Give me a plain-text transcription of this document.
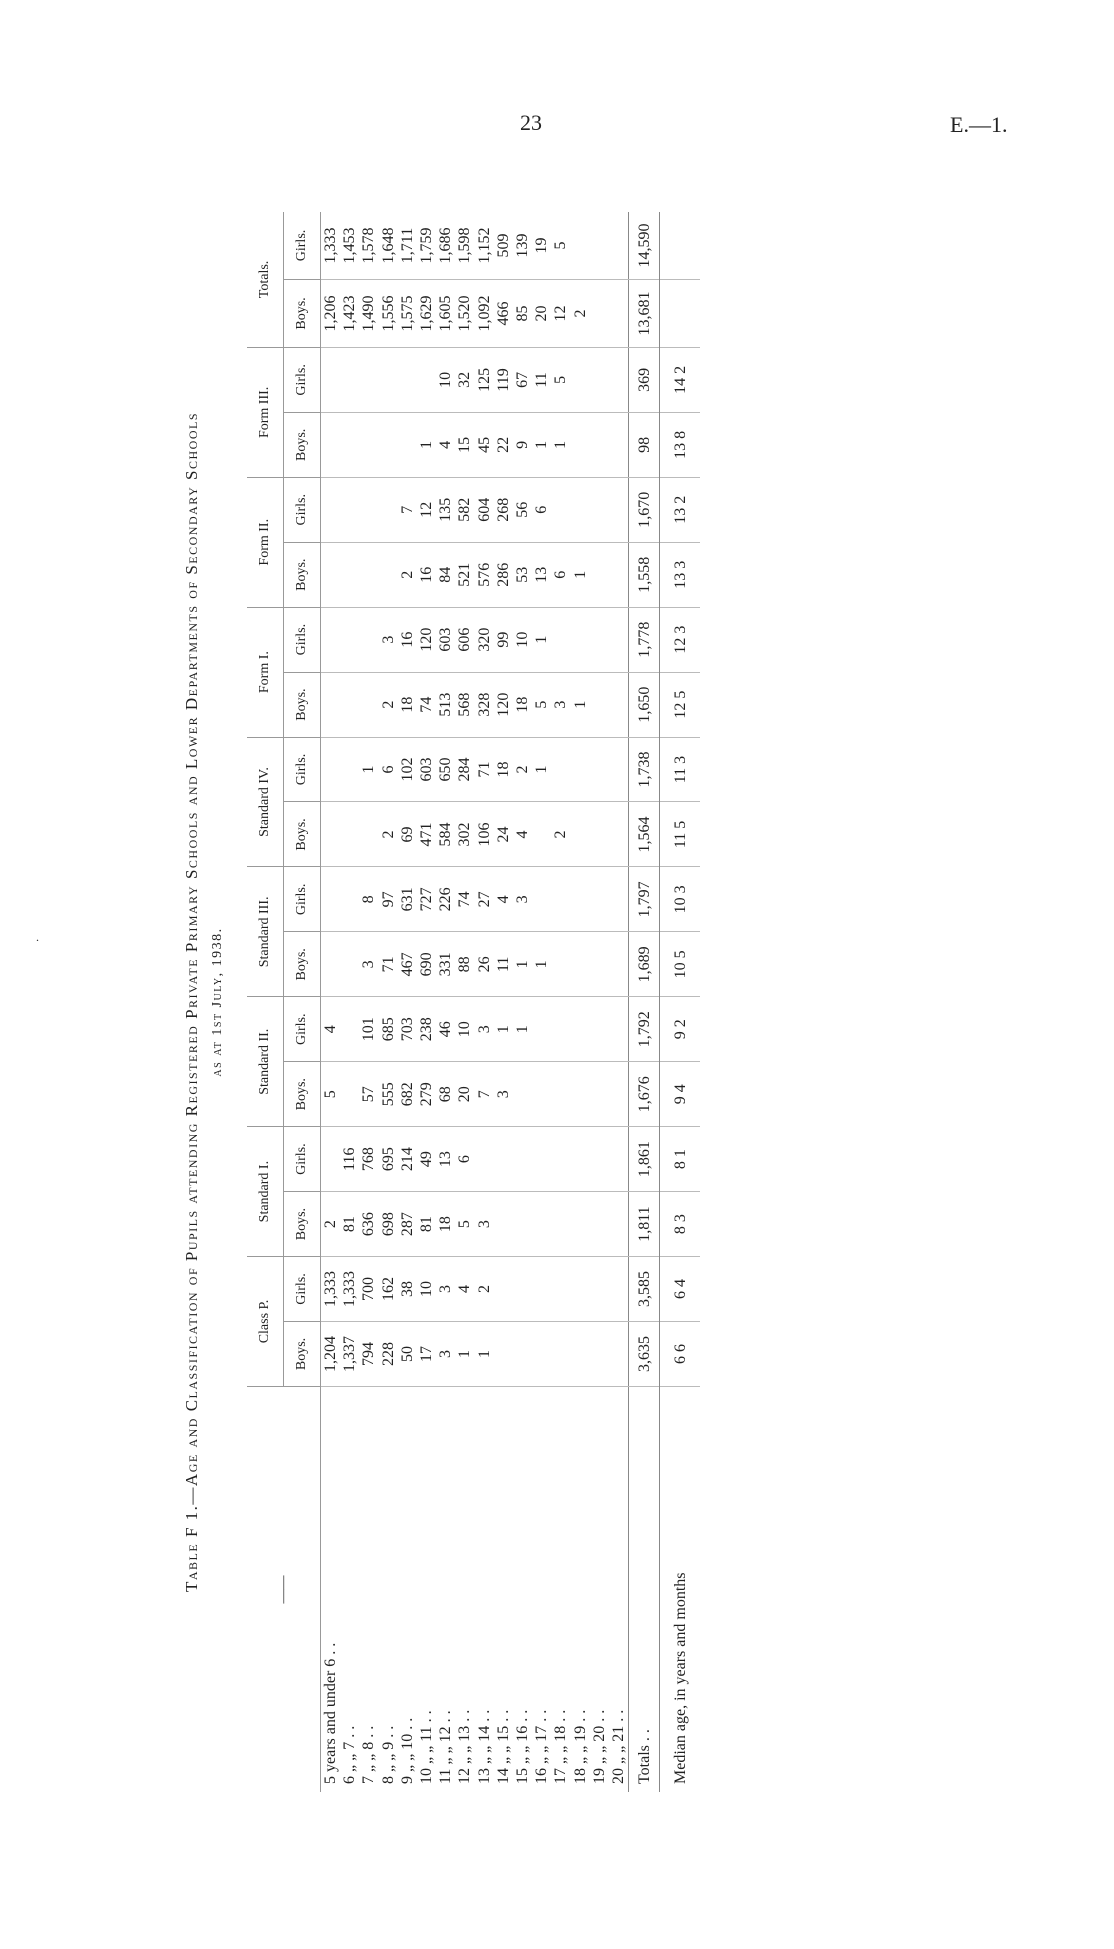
23	E.—1.
.	Table F 1.—Age and Classification of Pupils attending Registered Private Primary Schools and Lower Departments of Secondary Schools as at 1st July, 1938.
——	Class P.		Standard I.		Standard II.		Standard III.		Standard IV.		Form I.		Form II.		Form III.		Totals.	
	Boys.	Girls.	Boys.	Girls.	Boys.	Girls.	Boys.	Girls.	Boys.	Girls.	Boys.	Girls.	Boys.	Girls.	Boys.	Girls.	Boys.	Girls.
5 years and under 6 . .	1,204	1,333	2		5	4											1,206	1,333
6 „ „ 7 . .	1,337	1,333	81	116													1,423	1,453
7 „ „ 8 . .	794	700	636	768	57	101	3	8		1							1,490	1,578
8 „ „ 9 . .	228	162	698	695	555	685	71	97	2	6	2	3					1,556	1,648
9 „ „ 10 . .	50	38	287	214	682	703	467	631	69	102	18	16	2	7			1,575	1,711
10 „ „ 11 . .	17	10	81	49	279	238	690	727	471	603	74	120	16	12	1		1,629	1,759
11 „ „ 12 . .	3	3	18	13	68	46	331	226	584	650	513	603	84	135	4	10	1,605	1,686
12 „ „ 13 . .	1	4	5	6	20	10	88	74	302	284	568	606	521	582	15	32	1,520	1,598
13 „ „ 14 . .	1	2	3		7	3	26	27	106	71	328	320	576	604	45	125	1,092	1,152
14 „ „ 15 . .					3	1	11	4	24	18	120	99	286	268	22	119	466	509
15 „ „ 16 . .						1	1	3	4	2	18	10	53	56	9	67	85	139
16 „ „ 17 . .							1			1	5	1	13	6	1	11	20	19
17 „ „ 18 . .									2		3		6		1	5	12	5
18 „ „ 19 . .											1		1				2	
19 „ „ 20 . .																		
20 „ „ 21 . .																		
Totals . .	3,635	3,585	1,811	1,861	1,676	1,792	1,689	1,797	1,564	1,738	1,650	1,778	1,558	1,670	98	369	13,681	14,590
Median age, in years and months	6 6	6 4	8 3	8 1	9 4	9 2	10 5	10 3	11 5	11 3	12 5	12 3	13 3	13 2	13 8	14 2		
